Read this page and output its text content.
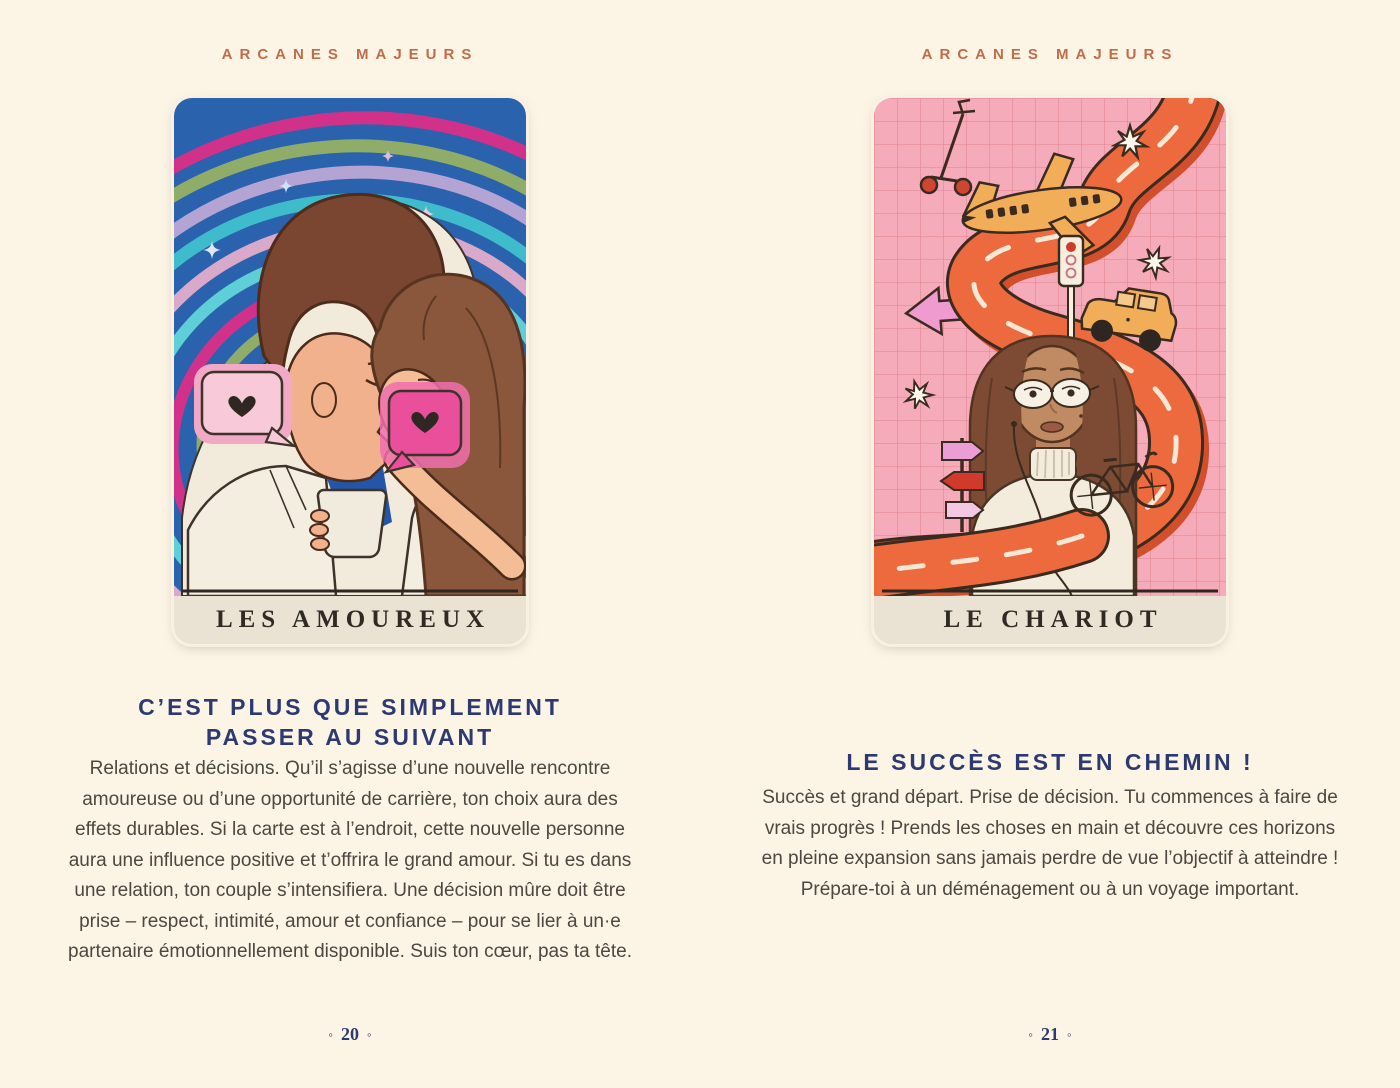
ARCANES MAJEURS
LES AMOUREUX
C’EST PLUS QUE SIMPLEMENT
PASSER AU SUIVANT
Relations et décisions. Qu’il s’agisse d’une nouvelle rencontre amoureuse ou d’une opportunité de carrière, ton choix aura des effets durables. Si la carte est à l’endroit, cette nouvelle personne aura une influence positive et t’offrira le grand amour. Si tu es dans une relation, ton couple s’intensifiera. Une décision mûre doit être prise – respect, intimité, amour et confiance – pour se lier à un·e partenaire émotionnellement disponible. Suis ton cœur, pas ta tête.
◦ 20 ◦
ARCANES MAJEURS
LE CHARIOT
LE SUCCÈS EST EN CHEMIN !
Succès et grand départ. Prise de décision. Tu commences à faire de vrais progrès ! Prends les choses en main et découvre ces horizons en pleine expansion sans jamais perdre de vue l’objectif à atteindre ! Prépare-toi à un déménagement ou à un voyage important.
◦ 21 ◦
